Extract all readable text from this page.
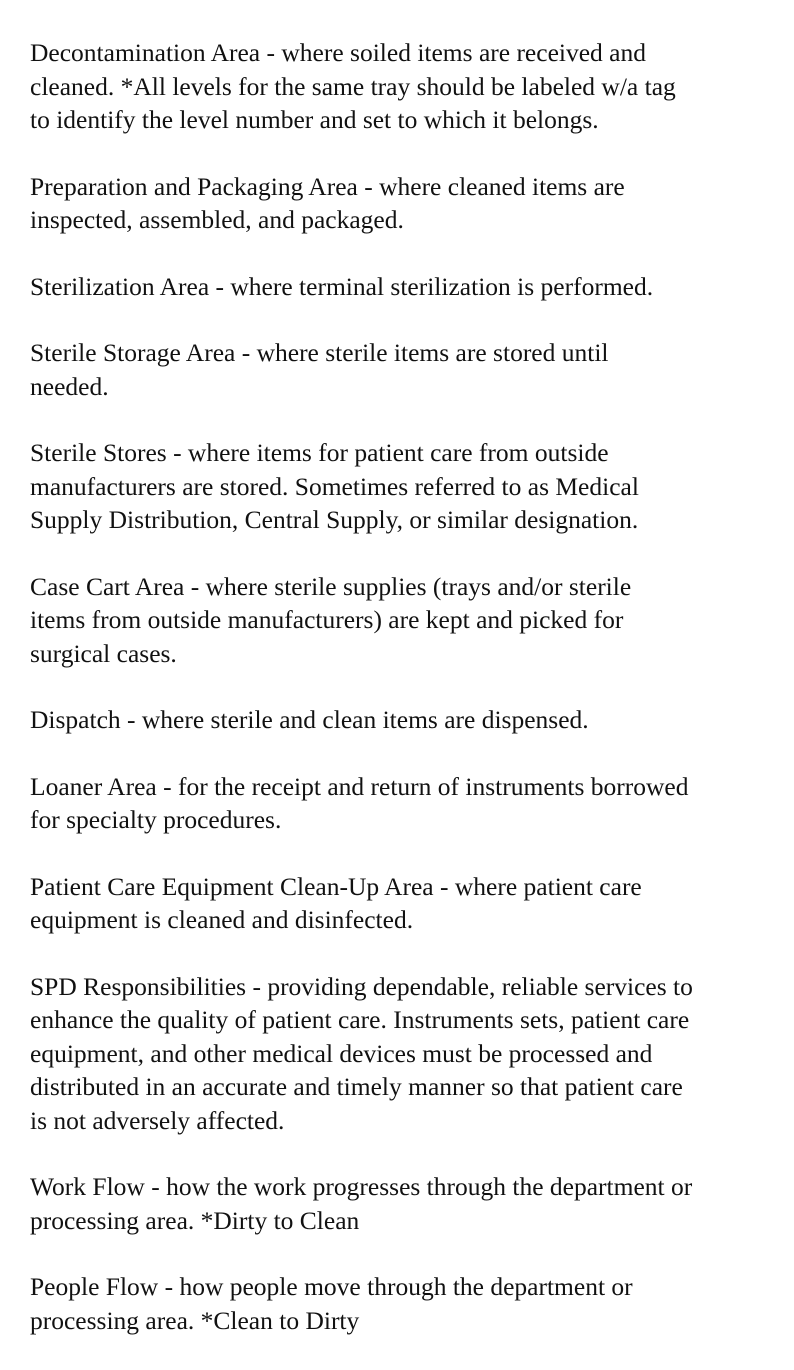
Decontamination Area - where soiled items are received and
cleaned. *All levels for the same tray should be labeled w/a tag
to identify the level number and set to which it belongs.

Preparation and Packaging Area - where cleaned items are
inspected, assembled, and packaged.

Sterilization Area - where terminal sterilization is performed.

Sterile Storage Area - where sterile items are stored until
needed.

Sterile Stores - where items for patient care from outside
manufacturers are stored. Sometimes referred to as Medical
Supply Distribution, Central Supply, or similar designation.

Case Cart Area - where sterile supplies (trays and/or sterile
items from outside manufacturers) are kept and picked for
surgical cases.

Dispatch - where sterile and clean items are dispensed.

Loaner Area - for the receipt and return of instruments borrowed
for specialty procedures.

Patient Care Equipment Clean-Up Area - where patient care
equipment is cleaned and disinfected.

SPD Responsibilities - providing dependable, reliable services to
enhance the quality of patient care. Instruments sets, patient care
equipment, and other medical devices must be processed and
distributed in an accurate and timely manner so that patient care
is not adversely affected.

Work Flow - how the work progresses through the department or
processing area. *Dirty to Clean

People Flow - how people move through the department or
processing area. *Clean to Dirty
